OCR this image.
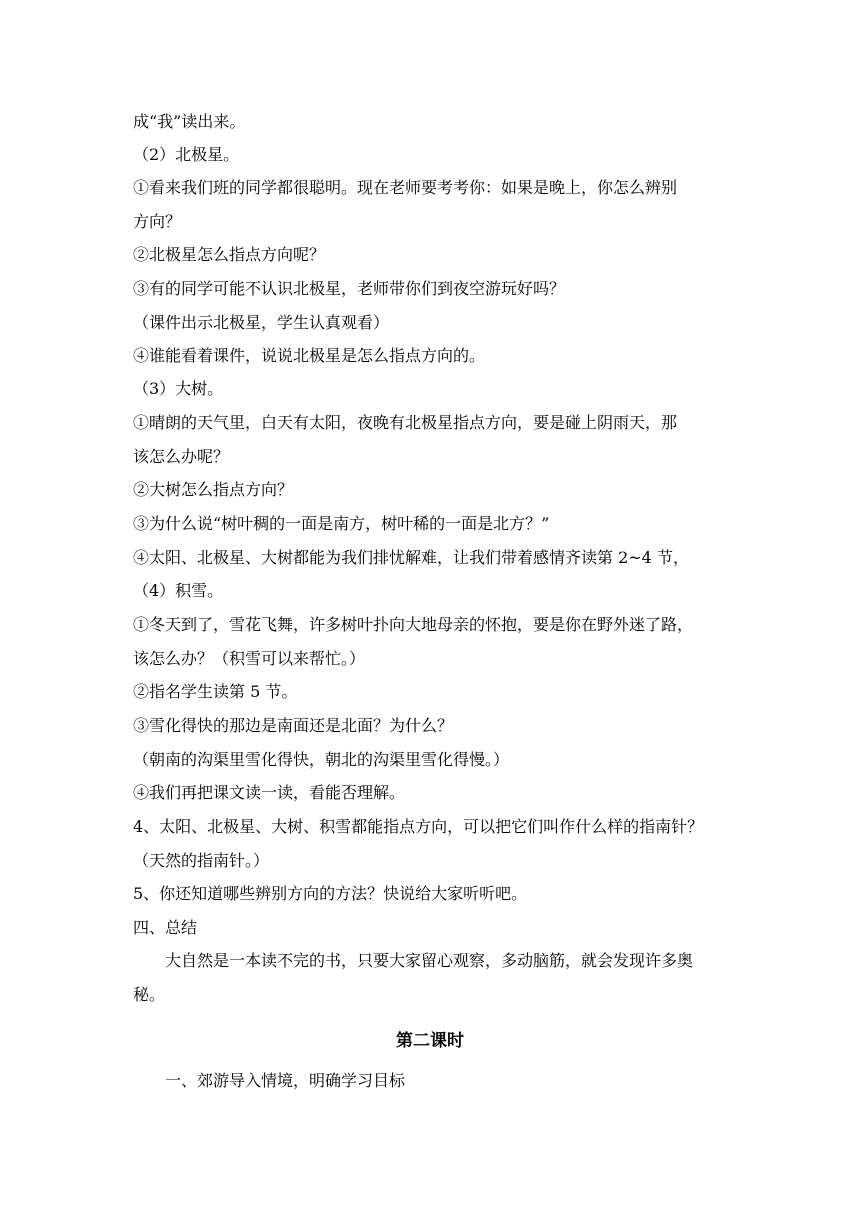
成“我”读出来。
（2）北极星。
①看来我们班的同学都很聪明。现在老师要考考你：如果是晚上，你怎么辨别
方向？
②北极星怎么指点方向呢？
③有的同学可能不认识北极星，老师带你们到夜空游玩好吗？
（课件出示北极星，学生认真观看）
④谁能看着课件，说说北极星是怎么指点方向的。
（3）大树。
①晴朗的天气里，白天有太阳，夜晚有北极星指点方向，要是碰上阴雨天，那
该怎么办呢？
②大树怎么指点方向？
③为什么说“树叶稠的一面是南方，树叶稀的一面是北方？”
④太阳、北极星、大树都能为我们排忧解难，让我们带着感情齐读第 2~4 节，
（4）积雪。
①冬天到了，雪花飞舞，许多树叶扑向大地母亲的怀抱，要是你在野外迷了路，
该怎么办？（积雪可以来帮忙。）
②指名学生读第 5 节。
③雪化得快的那边是南面还是北面？为什么？
（朝南的沟渠里雪化得快，朝北的沟渠里雪化得慢。）
④我们再把课文读一读，看能否理解。
4、太阳、北极星、大树、积雪都能指点方向，可以把它们叫作什么样的指南针？
（天然的指南针。）
5、你还知道哪些辨别方向的方法？快说给大家听听吧。
四、总结
大自然是一本读不完的书，只要大家留心观察，多动脑筋，就会发现许多奥
秘。
第二课时
一、郊游导入情境，明确学习目标
